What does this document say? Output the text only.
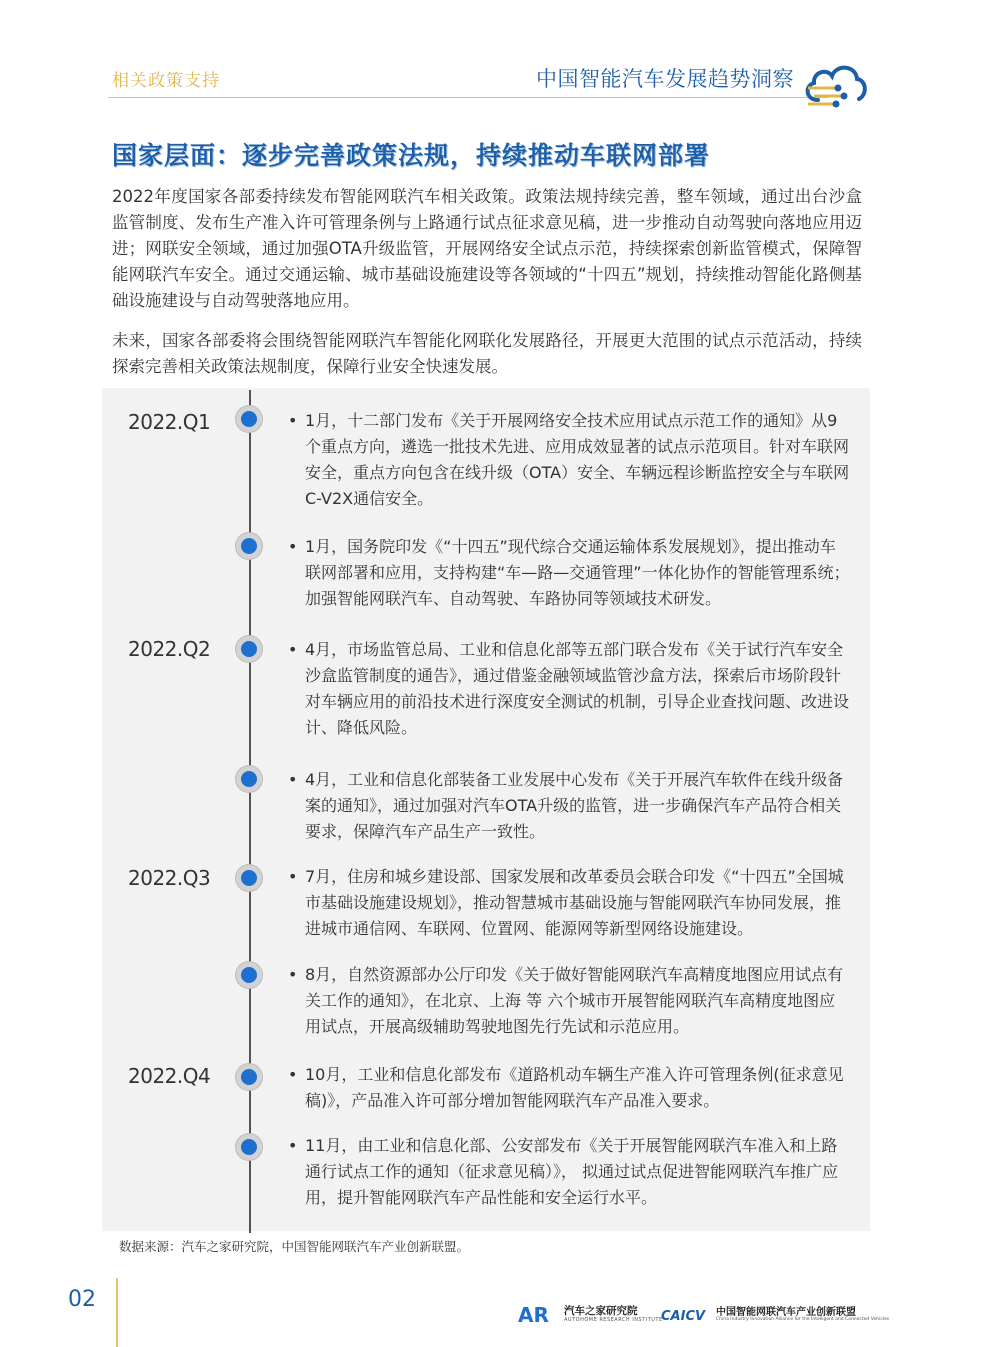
相关政策支持	中国智能汽车发展趋势洞察
国家层面：逐步完善政策法规，持续推动车联网部署

2022年度国家各部委持续发布智能网联汽车相关政策。政策法规持续完善，整车领域，通过出台沙盒监管制度、发布生产准入许可管理条例与上路通行试点征求意见稿，进一步推动自动驾驶向落地应用迈进；网联安全领域，通过加强OTA升级监管，开展网络安全试点示范，持续探索创新监管模式，保障智能网联汽车安全。通过交通运输、城市基础设施建设等各领域的“十四五”规划，持续推动智能化路侧基础设施建设与自动驾驶落地应用。

未来，国家各部委将会围绕智能网联汽车智能化网联化发展路径，开展更大范围的试点示范活动，持续探索完善相关政策法规制度，保障行业安全快速发展。

2022.Q1
2022.Q2
2022.Q3
2022.Q4
• 1月，十二部门发布《关于开展网络安全技术应用试点示范工作的通知》从9个重点方向，遴选一批技术先进、应用成效显著的试点示范项目。针对车联网安全，重点方向包含在线升级（OTA）安全、车辆远程诊断监控安全与车联网C-V2X通信安全。
• 1月，国务院印发《“十四五”现代综合交通运输体系发展规划》，提出推动车联网部署和应用，支持构建“车—路—交通管理”一体化协作的智能管理系统；加强智能网联汽车、自动驾驶、车路协同等领域技术研发。
• 4月，市场监管总局、工业和信息化部等五部门联合发布《关于试行汽车安全沙盒监管制度的通告》，通过借鉴金融领域监管沙盒方法，探索后市场阶段针对车辆应用的前沿技术进行深度安全测试的机制，引导企业查找问题、改进设计、降低风险。
• 4月，工业和信息化部装备工业发展中心发布《关于开展汽车软件在线升级备案的通知》，通过加强对汽车OTA升级的监管，进一步确保汽车产品符合相关要求，保障汽车产品生产一致性。
• 7月，住房和城乡建设部、国家发展和改革委员会联合印发《“十四五”全国城市基础设施建设规划》，推动智慧城市基础设施与智能网联汽车协同发展，推进城市通信网、车联网、位置网、能源网等新型网络设施建设。
• 8月，自然资源部办公厅印发《关于做好智能网联汽车高精度地图应用试点有关工作的通知》，在北京、上海 等 六个城市开展智能网联汽车高精度地图应用试点，开展高级辅助驾驶地图先行先试和示范应用。
• 10月，工业和信息化部发布《道路机动车辆生产准入许可管理条例(征求意见稿)》，产品准入许可部分增加智能网联汽车产品准入要求。
• 11月，由工业和信息化部、公安部发布《关于开展智能网联汽车准入和上路通行试点工作的通知（征求意见稿）》， 拟通过试点促进智能网联汽车推广应用，提升智能网联汽车产品性能和安全运行水平。
数据来源：汽车之家研究院，中国智能网联汽车产业创新联盟。
02
AR 汽车之家研究院
AUTOHOME RESEARCH INSTITUTE
CAICV 中国智能网联汽车产业创新联盟
China Industry Innovation Alliance for the Intelligent and Connected Vehicles
